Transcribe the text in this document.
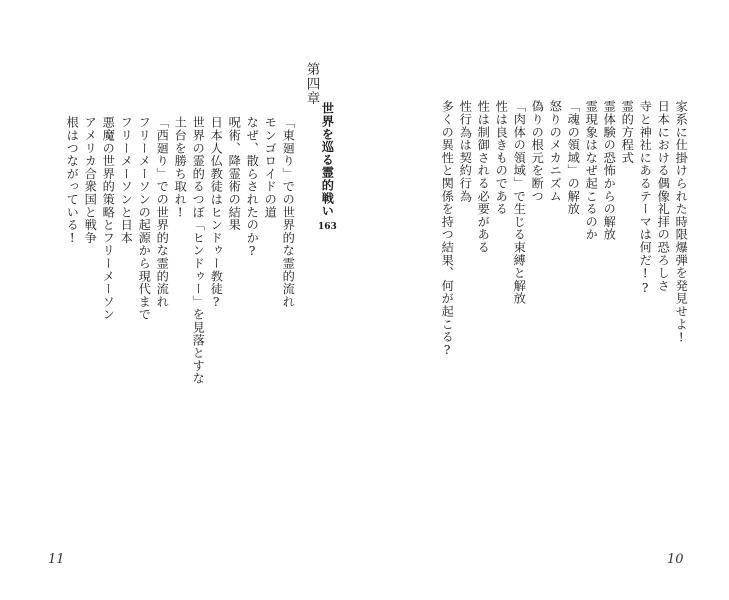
第四章
世界を巡る霊的戦い163
「東廻り」での世界的な霊的流れ
モンゴロイドの道
なぜ、散らされたのか?
呪術、降霊術の結果
日本人仏教徒はヒンドゥー教徒?
世界の霊的るつぼ「ヒンドゥー」を見落とすな
土台を勝ち取れ!
「西廻り」での世界的な霊的流れ
フリーメーソンの起源から現代まで
フリーメーソンと日本
悪魔の世界的策略とフリーメーソン
アメリカ合衆国と戦争
根はつながっている!
11
家系に仕掛けられた時限爆弾を発見せよ!
日本における偶像礼拝の恐ろしさ
寺と神社にあるテーマは何だ!?
霊的方程式
霊体験の恐怖からの解放
霊現象はなぜ起こるのか
「魂の領域」の解放
怒りのメカニズム
偽りの根元を断つ
「肉体の領域」で生じる束縛と解放
性は良きものである
性は制御される必要がある
性行為は契約行為
多くの異性と関係を持つ結果、何が起こる?
10
